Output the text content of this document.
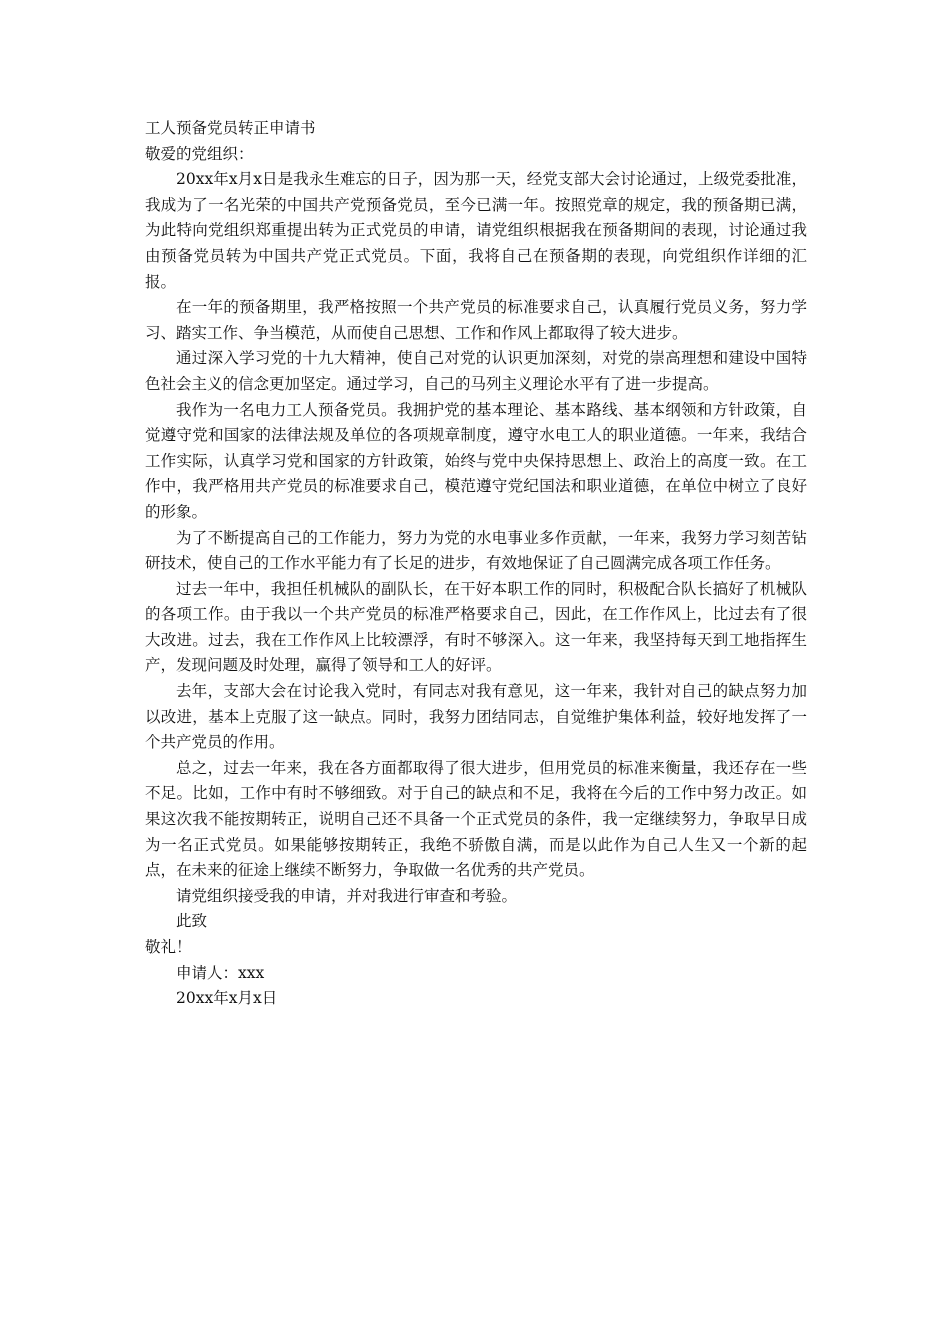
工人预备党员转正申请书

敬爱的党组织：

20xx年x月x日是我永生难忘的日子，因为那一天，经党支部大会讨论通过，上级党委批准，我成为了一名光荣的中国共产党预备党员，至今已满一年。按照党章的规定，我的预备期已满，为此特向党组织郑重提出转为正式党员的申请，请党组织根据我在预备期间的表现，讨论通过我由预备党员转为中国共产党正式党员。下面，我将自己在预备期的表现，向党组织作详细的汇报。

在一年的预备期里，我严格按照一个共产党员的标准要求自己，认真履行党员义务，努力学习、踏实工作、争当模范，从而使自己思想、工作和作风上都取得了较大进步。

通过深入学习党的十九大精神，使自己对党的认识更加深刻，对党的崇高理想和建设中国特色社会主义的信念更加坚定。通过学习，自己的马列主义理论水平有了进一步提高。

我作为一名电力工人预备党员。我拥护党的基本理论、基本路线、基本纲领和方针政策，自觉遵守党和国家的法律法规及单位的各项规章制度，遵守水电工人的职业道德。一年来，我结合工作实际，认真学习党和国家的方针政策，始终与党中央保持思想上、政治上的高度一致。在工作中，我严格用共产党员的标准要求自己，模范遵守党纪国法和职业道德，在单位中树立了良好的形象。

为了不断提高自己的工作能力，努力为党的水电事业多作贡献，一年来，我努力学习刻苦钻研技术，使自己的工作水平能力有了长足的进步，有效地保证了自己圆满完成各项工作任务。

过去一年中，我担任机械队的副队长，在干好本职工作的同时，积极配合队长搞好了机械队的各项工作。由于我以一个共产党员的标准严格要求自己，因此，在工作作风上，比过去有了很大改进。过去，我在工作作风上比较漂浮，有时不够深入。这一年来，我坚持每天到工地指挥生产，发现问题及时处理，赢得了领导和工人的好评。

去年，支部大会在讨论我入党时，有同志对我有意见，这一年来，我针对自己的缺点努力加以改进，基本上克服了这一缺点。同时，我努力团结同志，自觉维护集体利益，较好地发挥了一个共产党员的作用。

总之，过去一年来，我在各方面都取得了很大进步，但用党员的标准来衡量，我还存在一些不足。比如，工作中有时不够细致。对于自己的缺点和不足，我将在今后的工作中努力改正。如果这次我不能按期转正，说明自己还不具备一个正式党员的条件，我一定继续努力，争取早日成为一名正式党员。如果能够按期转正，我绝不骄傲自满，而是以此作为自己人生又一个新的起点，在未来的征途上继续不断努力，争取做一名优秀的共产党员。

请党组织接受我的申请，并对我进行审查和考验。

此致

敬礼！

申请人：xxx

20xx年x月x日
